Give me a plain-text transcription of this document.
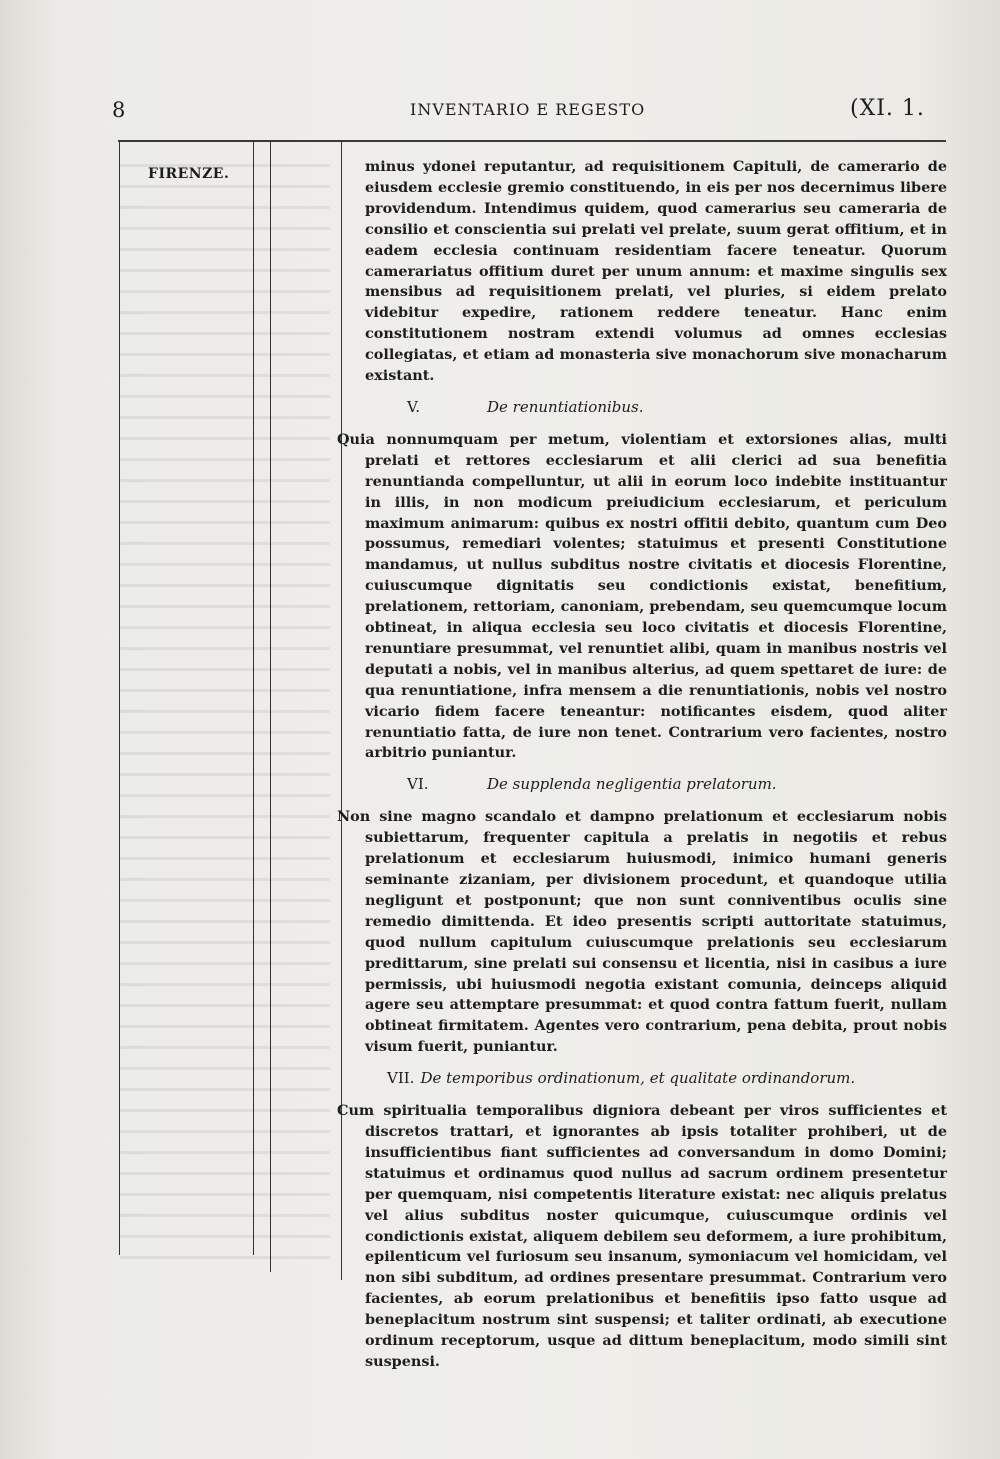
8	INVENTARIO E REGESTO	(XI. 1.
FIRENZE.	minus ydonei reputantur, ad requisitionem Capituli, de camerario de eiusdem ecclesie gremio constituendo, in eis per nos decernimus libere providendum. Intendimus quidem, quod camerarius seu cameraria de consilio et conscientia sui prelati vel prelate, suum gerat offitium, et in eadem ecclesia continuam residentiam facere teneatur. Quorum camerariatus offitium duret per unum annum: et maxime singulis sex mensibus ad requisitionem prelati, vel pluries, si eidem prelato videbitur expedire, rationem reddere teneatur. Hanc enim constitutionem nostram extendi volumus ad omnes ecclesias collegiatas, et etiam ad monasteria sive monachorum sive monacharum existant.

V.	De renuntiationibus.

Quia nonnumquam per metum, violentiam et extorsiones alias, multi prelati et rettores ecclesiarum et alii clerici ad sua benefitia renuntianda compelluntur, ut alii in eorum loco indebite instituantur in illis, in non modicum preiudicium ecclesiarum, et periculum maximum animarum: quibus ex nostri offitii debito, quantum cum Deo possumus, remediari volentes; statuimus et presenti Constitutione mandamus, ut nullus subditus nostre civitatis et diocesis Florentine, cuiuscumque dignitatis seu condictionis existat, benefitium, prelationem, rettoriam, canoniam, prebendam, seu quemcumque locum obtineat, in aliqua ecclesia seu loco civitatis et diocesis Florentine, renuntiare presummat, vel renuntiet alibi, quam in manibus nostris vel deputati a nobis, vel in manibus alterius, ad quem spettaret de iure: de qua renuntiatione, infra mensem a die renuntiationis, nobis vel nostro vicario fidem facere teneantur: notificantes eisdem, quod aliter renuntiatio fatta, de iure non tenet. Contrarium vero facientes, nostro arbitrio puniantur.

VI.	De supplenda negligentia prelatorum.

Non sine magno scandalo et dampno prelationum et ecclesiarum nobis subiettarum, frequenter capitula a prelatis in negotiis et rebus prelationum et ecclesiarum huiusmodi, inimico humani generis seminante zizaniam, per divisionem procedunt, et quandoque utilia negligunt et postponunt; que non sunt conniventibus oculis sine remedio dimittenda. Et ideo presentis scripti auttoritate statuimus, quod nullum capitulum cuiuscumque prelationis seu ecclesiarum predittarum, sine prelati sui consensu et licentia, nisi in casibus a iure permissis, ubi huiusmodi negotia existant comunia, deinceps aliquid agere seu attemptare presummat: et quod contra fattum fuerit, nullam obtineat firmitatem. Agentes vero contrarium, pena debita, prout nobis visum fuerit, puniantur.

VII. De temporibus ordinationum, et qualitate ordinandorum.

Cum spiritualia temporalibus digniora debeant per viros sufficientes et discretos trattari, et ignorantes ab ipsis totaliter prohiberi, ut de insufficientibus fiant sufficientes ad conversandum in domo Domini; statuimus et ordinamus quod nullus ad sacrum ordinem presentetur per quemquam, nisi competentis literature existat: nec aliquis prelatus vel alius subditus noster quicumque, cuiuscumque ordinis vel condictionis existat, aliquem debilem seu deformem, a iure prohibitum, epilenticum vel furiosum seu insanum, symoniacum vel homicidam, vel non sibi subditum, ad ordines presentare presummat. Contrarium vero facientes, ab eorum prelationibus et benefitiis ipso fatto usque ad beneplacitum nostrum sint suspensi; et taliter ordinati, ab executione ordinum receptorum, usque ad dittum beneplacitum, modo simili sint suspensi.
